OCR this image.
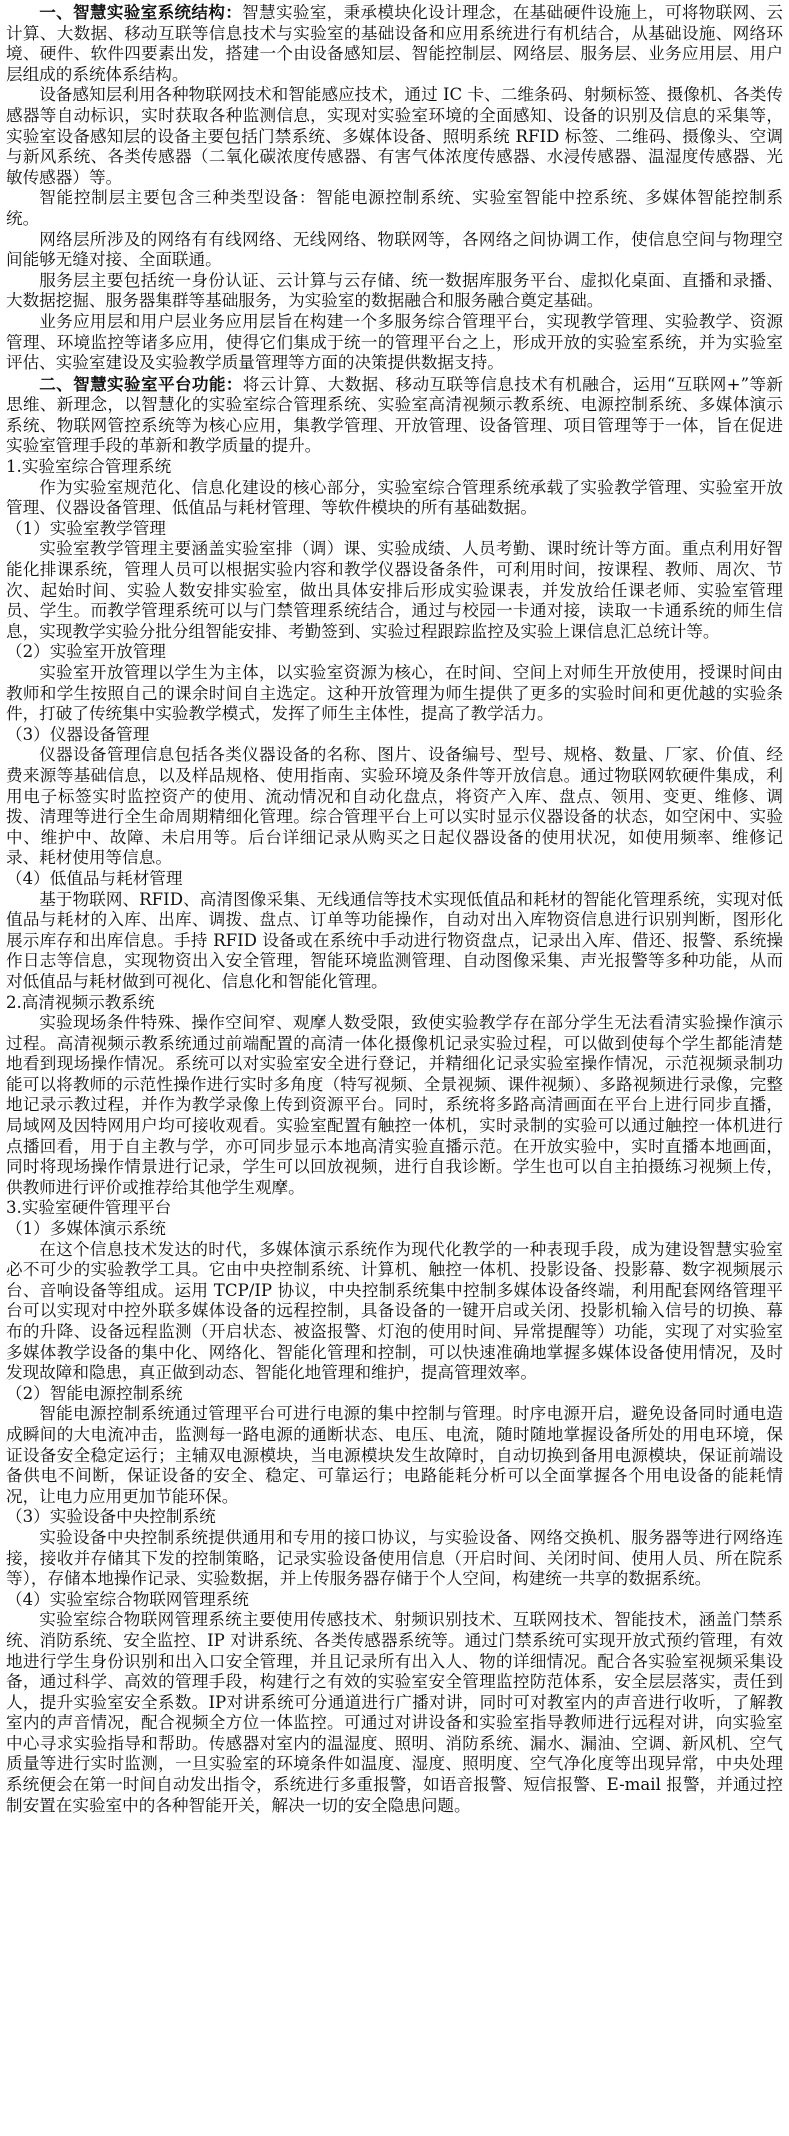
一、智慧实验室系统结构：智慧实验室，秉承模块化设计理念，在基础硬件设施上，可将物联网、云计算、大数据、移动互联等信息技术与实验室的基础设备和应用系统进行有机结合，从基础设施、网络环境、硬件、软件四要素出发，搭建一个由设备感知层、智能控制层、网络层、服务层、业务应用层、用户层组成的系统体系结构。

设备感知层利用各种物联网技术和智能感应技术，通过 IC 卡、二维条码、射频标签、摄像机、各类传感器等自动标识，实时获取各种监测信息，实现对实验室环境的全面感知、设备的识别及信息的采集等，实验室设备感知层的设备主要包括门禁系统、多媒体设备、照明系统 RFID 标签、二维码、摄像头、空调与新风系统、各类传感器（二氧化碳浓度传感器、有害气体浓度传感器、水浸传感器、温湿度传感器、光敏传感器）等。

智能控制层主要包含三种类型设备：智能电源控制系统、实验室智能中控系统、多媒体智能控制系统。

网络层所涉及的网络有有线网络、无线网络、物联网等，各网络之间协调工作，使信息空间与物理空间能够无缝对接、全面联通。

服务层主要包括统一身份认证、云计算与云存储、统一数据库服务平台、虚拟化桌面、直播和录播、大数据挖掘、服务器集群等基础服务，为实验室的数据融合和服务融合奠定基础。

业务应用层和用户层业务应用层旨在构建一个多服务综合管理平台，实现教学管理、实验教学、资源管理、环境监控等诸多应用，使得它们集成于统一的管理平台之上，形成开放的实验室系统，并为实验室评估、实验室建设及实验教学质量管理等方面的决策提供数据支持。

二、智慧实验室平台功能：将云计算、大数据、移动互联等信息技术有机融合，运用“互联网+”等新思维、新理念，以智慧化的实验室综合管理系统、实验室高清视频示教系统、电源控制系统、多媒体演示系统、物联网管控系统等为核心应用，集教学管理、开放管理、设备管理、项目管理等于一体，旨在促进实验室管理手段的革新和教学质量的提升。

1.实验室综合管理系统

作为实验室规范化、信息化建设的核心部分，实验室综合管理系统承载了实验教学管理、实验室开放管理、仪器设备管理、低值品与耗材管理、等软件模块的所有基础数据。

（1）实验室教学管理

实验室教学管理主要涵盖实验室排（调）课、实验成绩、人员考勤、课时统计等方面。重点利用好智能化排课系统，管理人员可以根据实验内容和教学仪器设备条件，可利用时间，按课程、教师、周次、节次、起始时间、实验人数安排实验室，做出具体安排后形成实验课表，并发放给任课老师、实验室管理员、学生。而教学管理系统可以与门禁管理系统结合，通过与校园一卡通对接，读取一卡通系统的师生信息，实现教学实验分批分组智能安排、考勤签到、实验过程跟踪监控及实验上课信息汇总统计等。

（2）实验室开放管理

实验室开放管理以学生为主体，以实验室资源为核心，在时间、空间上对师生开放使用，授课时间由教师和学生按照自己的课余时间自主选定。这种开放管理为师生提供了更多的实验时间和更优越的实验条件，打破了传统集中实验教学模式，发挥了师生主体性，提高了教学活力。

（3）仪器设备管理

仪器设备管理信息包括各类仪器设备的名称、图片、设备编号、型号、规格、数量、厂家、价值、经费来源等基础信息，以及样品规格、使用指南、实验环境及条件等开放信息。通过物联网软硬件集成，利用电子标签实时监控资产的使用、流动情况和自动化盘点，将资产入库、盘点、领用、变更、维修、调拨、清理等进行全生命周期精细化管理。综合管理平台上可以实时显示仪器设备的状态，如空闲中、实验中、维护中、故障、未启用等。后台详细记录从购买之日起仪器设备的使用状况，如使用频率、维修记录、耗材使用等信息。

（4）低值品与耗材管理

基于物联网、RFID、高清图像采集、无线通信等技术实现低值品和耗材的智能化管理系统，实现对低值品与耗材的入库、出库、调拨、盘点、订单等功能操作，自动对出入库物资信息进行识别判断，图形化展示库存和出库信息。手持 RFID 设备或在系统中手动进行物资盘点，记录出入库、借还、报警、系统操作日志等信息，实现物资出入安全管理，智能环境监测管理、自动图像采集、声光报警等多种功能，从而对低值品与耗材做到可视化、信息化和智能化管理。

2.高清视频示教系统

实验现场条件特殊、操作空间窄、观摩人数受限，致使实验教学存在部分学生无法看清实验操作演示过程。高清视频示教系统通过前端配置的高清一体化摄像机记录实验过程，可以做到使每个学生都能清楚地看到现场操作情况。系统可以对实验室安全进行登记，并精细化记录实验室操作情况，示范视频录制功能可以将教师的示范性操作进行实时多角度（特写视频、全景视频、课件视频）、多路视频进行录像，完整地记录示教过程，并作为教学录像上传到资源平台。同时，系统将多路高清画面在平台上进行同步直播，局域网及因特网用户均可接收观看。实验室配置有触控一体机，实时录制的实验可以通过触控一体机进行点播回看，用于自主教与学，亦可同步显示本地高清实验直播示范。在开放实验中，实时直播本地画面，同时将现场操作情景进行记录，学生可以回放视频，进行自我诊断。学生也可以自主拍摄练习视频上传，供教师进行评价或推荐给其他学生观摩。

3.实验室硬件管理平台

（1）多媒体演示系统

在这个信息技术发达的时代，多媒体演示系统作为现代化教学的一种表现手段，成为建设智慧实验室必不可少的实验教学工具。它由中央控制系统、计算机、触控一体机、投影设备、投影幕、数字视频展示台、音响设备等组成。运用 TCP/IP 协议，中央控制系统集中控制多媒体设备终端，利用配套网络管理平台可以实现对中控外联多媒体设备的远程控制，具备设备的一键开启或关闭、投影机输入信号的切换、幕布的升降、设备远程监测（开启状态、被盗报警、灯泡的使用时间、异常提醒等）功能，实现了对实验室多媒体教学设备的集中化、网络化、智能化管理和控制，可以快速准确地掌握多媒体设备使用情况，及时发现故障和隐患，真正做到动态、智能化地管理和维护，提高管理效率。

（2）智能电源控制系统

智能电源控制系统通过管理平台可进行电源的集中控制与管理。时序电源开启，避免设备同时通电造成瞬间的大电流冲击，监测每一路电源的通断状态、电压、电流，随时随地掌握设备所处的用电环境，保证设备安全稳定运行；主辅双电源模块，当电源模块发生故障时，自动切换到备用电源模块，保证前端设备供电不间断，保证设备的安全、稳定、可靠运行；电路能耗分析可以全面掌握各个用电设备的能耗情况，让电力应用更加节能环保。

（3）实验设备中央控制系统

实验设备中央控制系统提供通用和专用的接口协议，与实验设备、网络交换机、服务器等进行网络连接，接收并存储其下发的控制策略，记录实验设备使用信息（开启时间、关闭时间、使用人员、所在院系等），存储本地操作记录、实验数据，并上传服务器存储于个人空间，构建统一共享的数据系统。

（4）实验室综合物联网管理系统

实验室综合物联网管理系统主要使用传感技术、射频识别技术、互联网技术、智能技术，涵盖门禁系统、消防系统、安全监控、IP 对讲系统、各类传感器系统等。通过门禁系统可实现开放式预约管理，有效地进行学生身份识别和出入口安全管理，并且记录所有出入人、物的详细情况。配合各实验室视频采集设备，通过科学、高效的管理手段，构建行之有效的实验室安全管理监控防范体系，安全层层落实，责任到人，提升实验室安全系数。IP对讲系统可分通道进行广播对讲，同时可对教室内的声音进行收听，了解教室内的声音情况，配合视频全方位一体监控。可通过对讲设备和实验室指导教师进行远程对讲，向实验室中心寻求实验指导和帮助。传感器对室内的温湿度、照明、消防系统、漏水、漏油、空调、新风机、空气质量等进行实时监测，一旦实验室的环境条件如温度、湿度、照明度、空气净化度等出现异常，中央处理系统便会在第一时间自动发出指令，系统进行多重报警，如语音报警、短信报警、E-mail 报警，并通过控制安置在实验室中的各种智能开关，解决一切的安全隐患问题。
